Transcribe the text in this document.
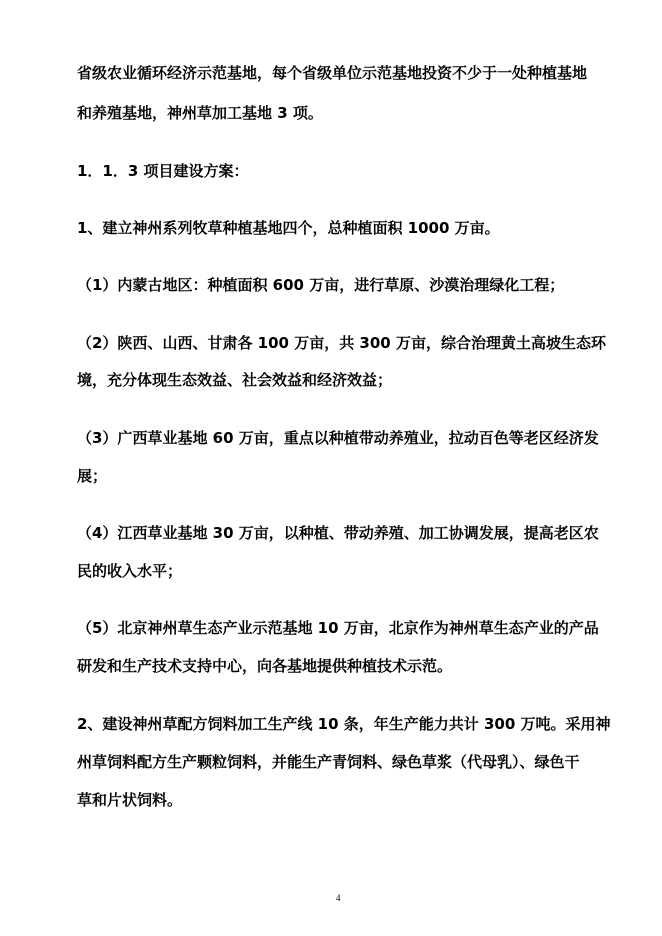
省级农业循环经济示范基地，每个省级单位示范基地投资不少于一处种植基地
和养殖基地，神州草加工基地 3 项。
1．1．3 项目建设方案：
1、建立神州系列牧草种植基地四个，总种植面积 1000 万亩。
（1）内蒙古地区：种植面积 600 万亩，进行草原、沙漠治理绿化工程；
（2）陕西、山西、甘肃各 100 万亩，共 300 万亩，综合治理黄土高坡生态环
境，充分体现生态效益、社会效益和经济效益；
（3）广西草业基地 60 万亩，重点以种植带动养殖业，拉动百色等老区经济发
展；
（4）江西草业基地 30 万亩，以种植、带动养殖、加工协调发展，提高老区农
民的收入水平；
（5）北京神州草生态产业示范基地 10 万亩，北京作为神州草生态产业的产品
研发和生产技术支持中心，向各基地提供种植技术示范。
2、建设神州草配方饲料加工生产线 10 条，年生产能力共计 300 万吨。采用神
州草饲料配方生产颗粒饲料，并能生产青饲料、绿色草浆（代母乳）、绿色干
草和片状饲料。
4
